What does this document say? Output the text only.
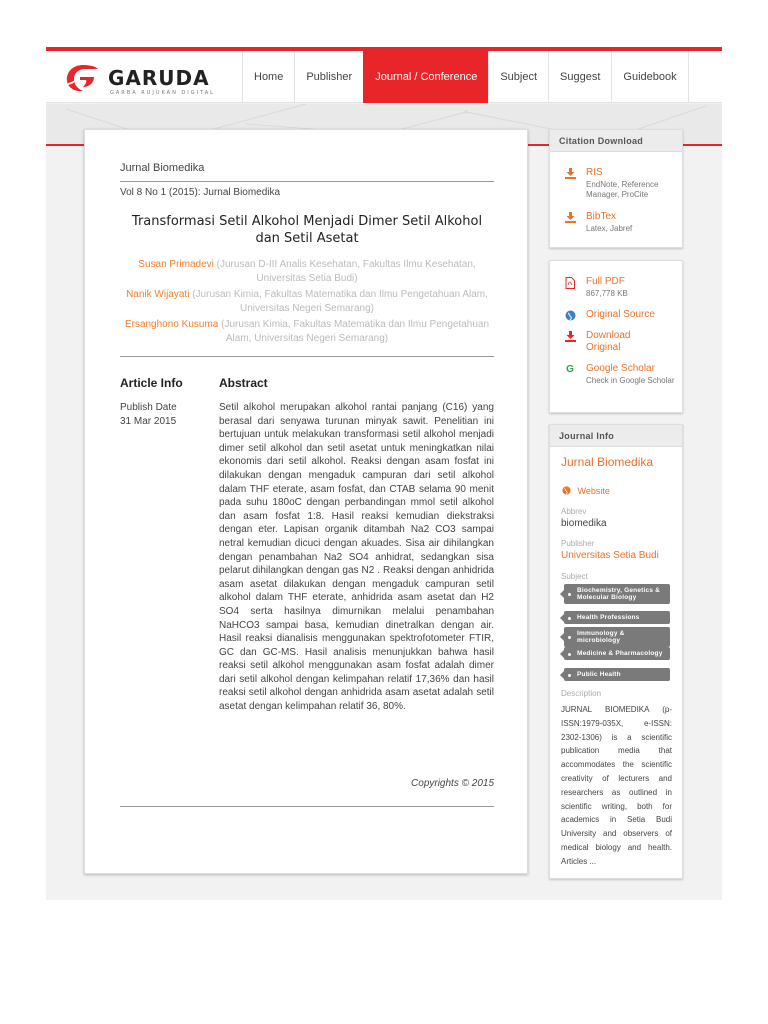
GARUDA
GARBA RUJUKAN DIGITAL
Home	Publisher	Journal / Conference	Subject	Suggest	Guidebook
Jurnal Biomedika
Vol 8 No 1 (2015): Jurnal Biomedika
Transformasi Setil Alkohol Menjadi Dimer Setil Alkohol dan Setil Asetat
Susan Primadevi (Jurusan D-III Analis Kesehatan, Fakultas Ilmu Kesehatan, Universitas Setia Budi)
Nanik Wijayati (Jurusan Kimia, Fakultas Matematika dan Ilmu Pengetahuan Alam, Universitas Negeri Semarang)
Ersanghono Kusuma (Jurusan Kimia, Fakultas Matematika dan Ilmu Pengetahuan Alam, Universitas Negeri Semarang)
Article Info	Abstract
Publish Date
31 Mar 2015
Setil alkohol merupakan alkohol rantai panjang (C16) yang berasal dari senyawa turunan minyak sawit. Penelitian ini bertujuan untuk melakukan transformasi setil alkohol menjadi dimer setil alkohol dan setil asetat untuk meningkatkan nilai ekonomis dari setil alkohol. Reaksi dengan asam fosfat ini dilakukan dengan mengaduk campuran dari setil alkohol dalam THF eterate, asam fosfat, dan CTAB selama 90 menit pada suhu 180oC dengan perbandingan mmol setil alkohol dan asam fosfat 1:8. Hasil reaksi kemudian diekstraksi dengan eter. Lapisan organik ditambah Na2 CO3 sampai netral kemudian dicuci dengan akuades. Sisa air dihilangkan dengan penambahan Na2 SO4 anhidrat, sedangkan sisa pelarut dihilangkan dengan gas N2 . Reaksi dengan anhidrida asam asetat dilakukan dengan mengaduk campuran setil alkohol dalam THF eterate, anhidrida asam asetat dan H2 SO4 serta hasilnya dimurnikan melalui penambahan NaHCO3 sampai basa, kemudian dinetralkan dengan air. Hasil reaksi dianalisis menggunakan spektrofotometer FTIR, GC dan GC-MS. Hasil analisis menunjukkan bahwa hasil reaksi setil alkohol menggunakan asam fosfat adalah dimer dari setil alkohol dengan kelimpahan relatif 17,36% dan hasil reaksi setil alkohol dengan anhidrida asam asetat adalah setil asetat dengan kelimpahan relatif 36, 80%.
Copyrights © 2015
Citation Download
RIS
EndNote, Reference Manager, ProCite
BibTex
Latex, Jabref
Full PDF
867,778 KB
Original Source
Download Original
G Google Scholar
Check in Google Scholar
Journal Info
Jurnal Biomedika
Website
Abbrev
biomedika
Publisher
Universitas Setia Budi
Subject
Biochemistry, Genetics & Molecular Biology
Health Professions
Immunology & microbiology
Medicine & Pharmacology
Public Health
Description
JURNAL BIOMEDIKA (p-ISSN:1979-035X, e-ISSN: 2302-1306) is a scientific publication media that accommodates the scientific creativity of lecturers and researchers as outlined in scientific writing, both for academics in Setia Budi University and observers of medical biology and health. Articles ...
